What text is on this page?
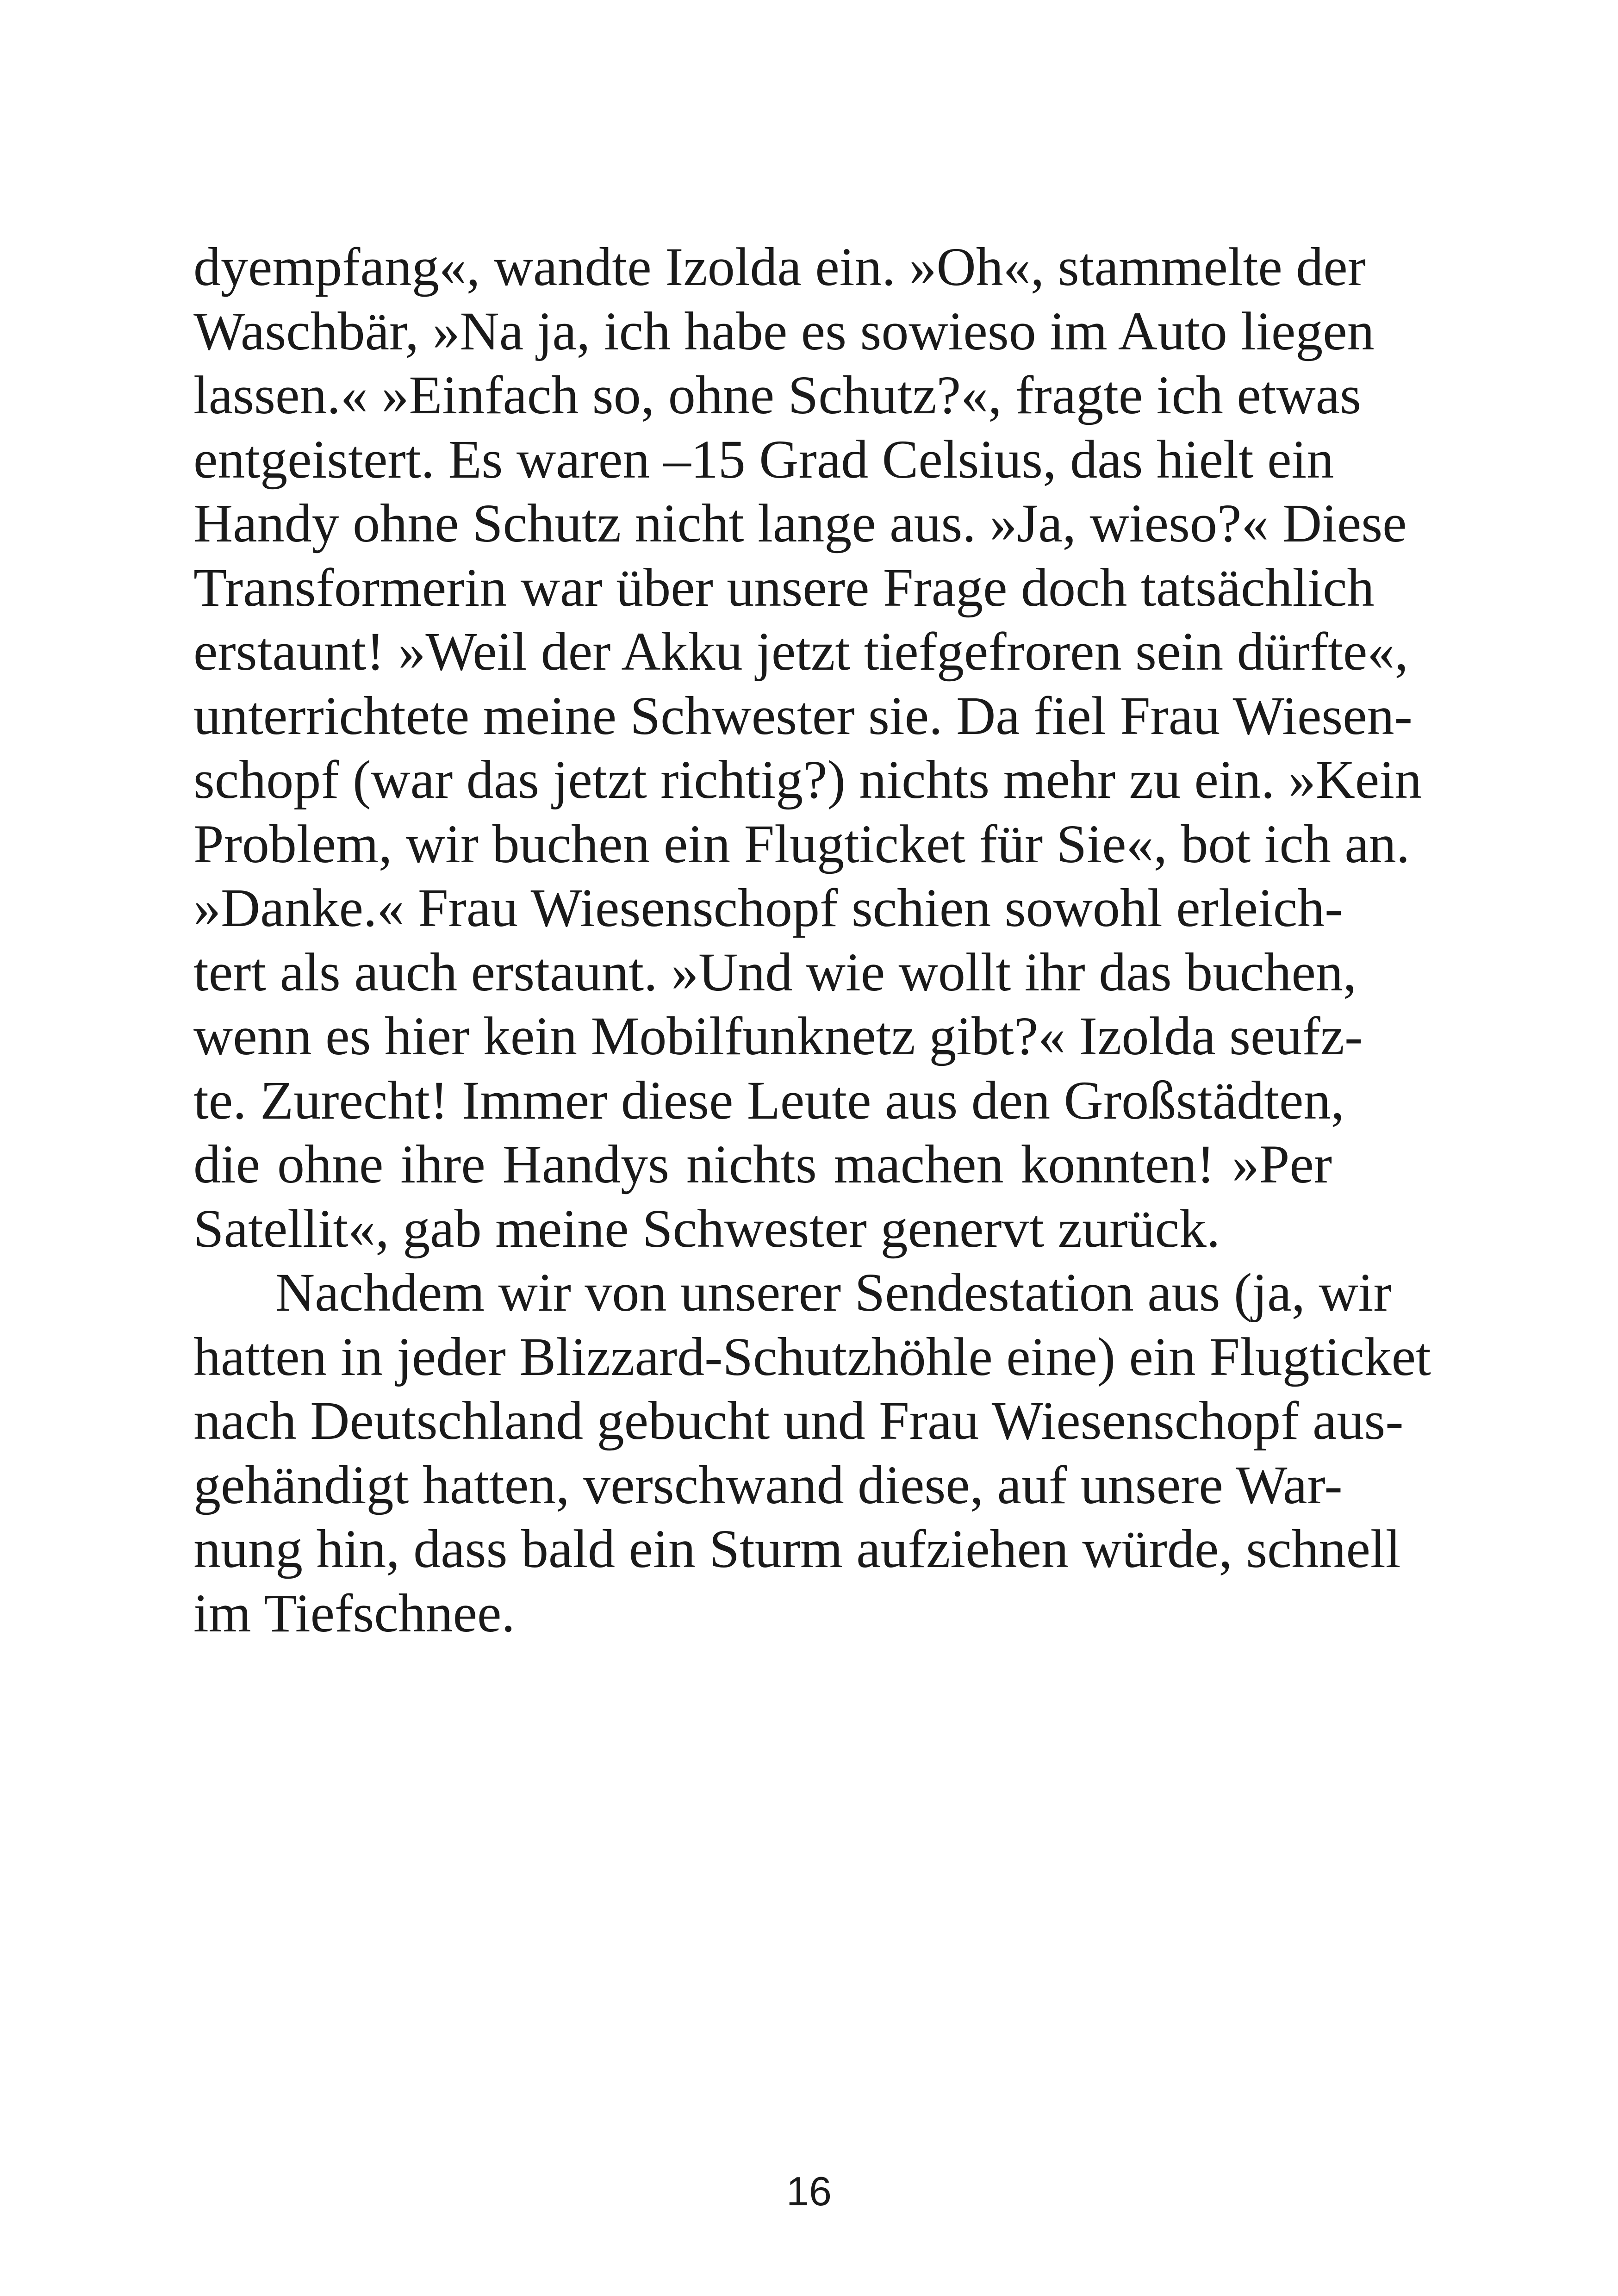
dyempfang«, wandte Izolda ein. »Oh«, stammelte der
Waschbär, »Na ja, ich habe es sowieso im Auto liegen
lassen.« »Einfach so, ohne Schutz?«, fragte ich etwas
entgeistert. Es waren –15 Grad Celsius, das hielt ein
Handy ohne Schutz nicht lange aus. »Ja, wieso?« Diese
Transformerin war über unsere Frage doch tatsächlich
erstaunt! »Weil der Akku jetzt tiefgefroren sein dürfte«,
unterrichtete meine Schwester sie. Da fiel Frau Wiesen-
schopf (war das jetzt richtig?) nichts mehr zu ein. »Kein
Problem, wir buchen ein Flugticket für Sie«, bot ich an.
»Danke.« Frau Wiesenschopf schien sowohl erleich-
tert als auch erstaunt. »Und wie wollt ihr das buchen,
wenn es hier kein Mobilfunknetz gibt?« Izolda seufz-
te. Zurecht! Immer diese Leute aus den Großstädten,
die ohne ihre Handys nichts machen konnten! »Per
Satellit«, gab meine Schwester genervt zurück.
Nachdem wir von unserer Sendestation aus (ja, wir
hatten in jeder Blizzard-Schutzhöhle eine) ein Flugticket
nach Deutschland gebucht und Frau Wiesenschopf aus-
gehändigt hatten, verschwand diese, auf unsere War-
nung hin, dass bald ein Sturm aufziehen würde, schnell
im Tiefschnee.
16
